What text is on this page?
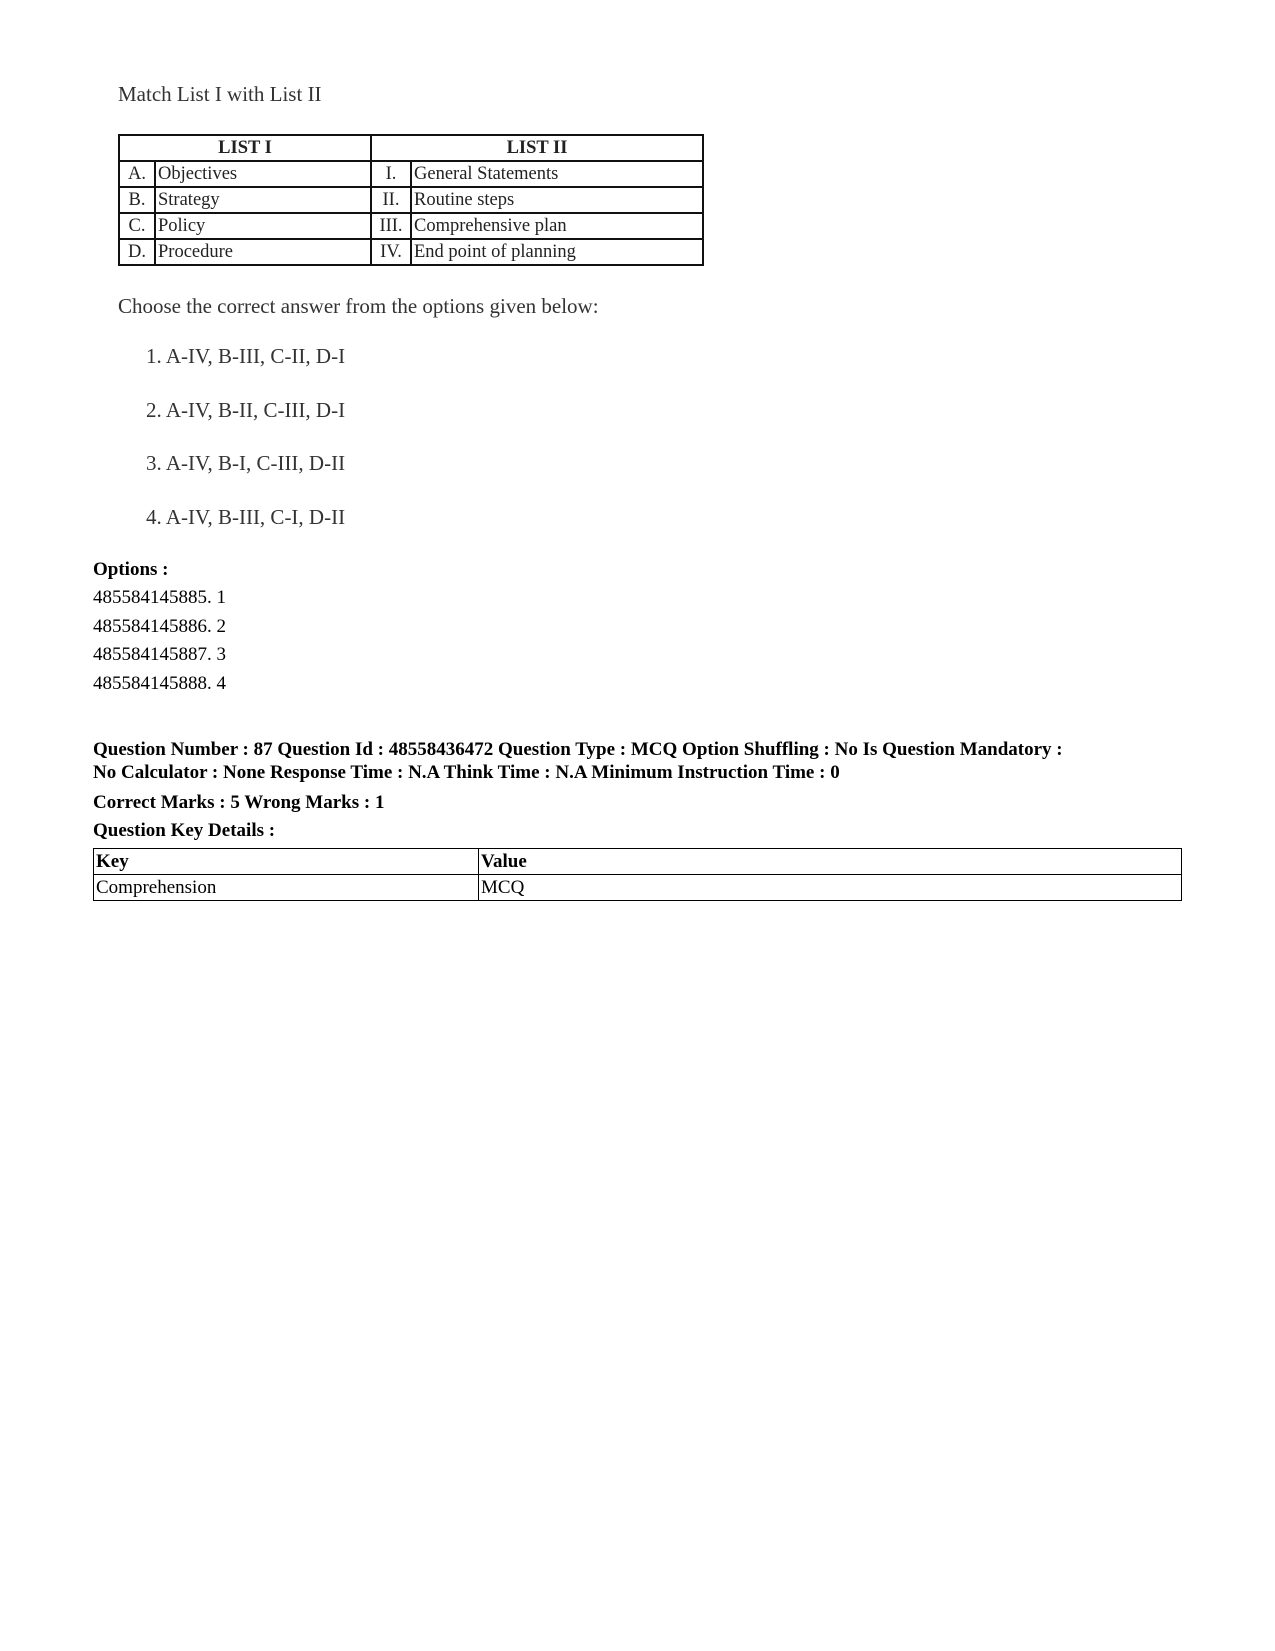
Match List I with List II

LIST I		LIST II	
A.	Objectives	I.	General Statements
B.	Strategy	II.	Routine steps
C.	Policy	III.	Comprehensive plan
D.	Procedure	IV.	End point of planning

Choose the correct answer from the options given below:

1. A-IV, B-III, C-II, D-I
2. A-IV, B-II, C-III, D-I
3. A-IV, B-I, C-III, D-II
4. A-IV, B-III, C-I, D-II

Options :

485584145885. 1
485584145886. 2
485584145887. 3
485584145888. 4

Question Number : 87 Question Id : 48558436472 Question Type : MCQ Option Shuffling : No Is Question Mandatory :

No Calculator : None Response Time : N.A Think Time : N.A Minimum Instruction Time : 0

Correct Marks : 5 Wrong Marks : 1

Question Key Details :

Key	Value
Comprehension	MCQ
